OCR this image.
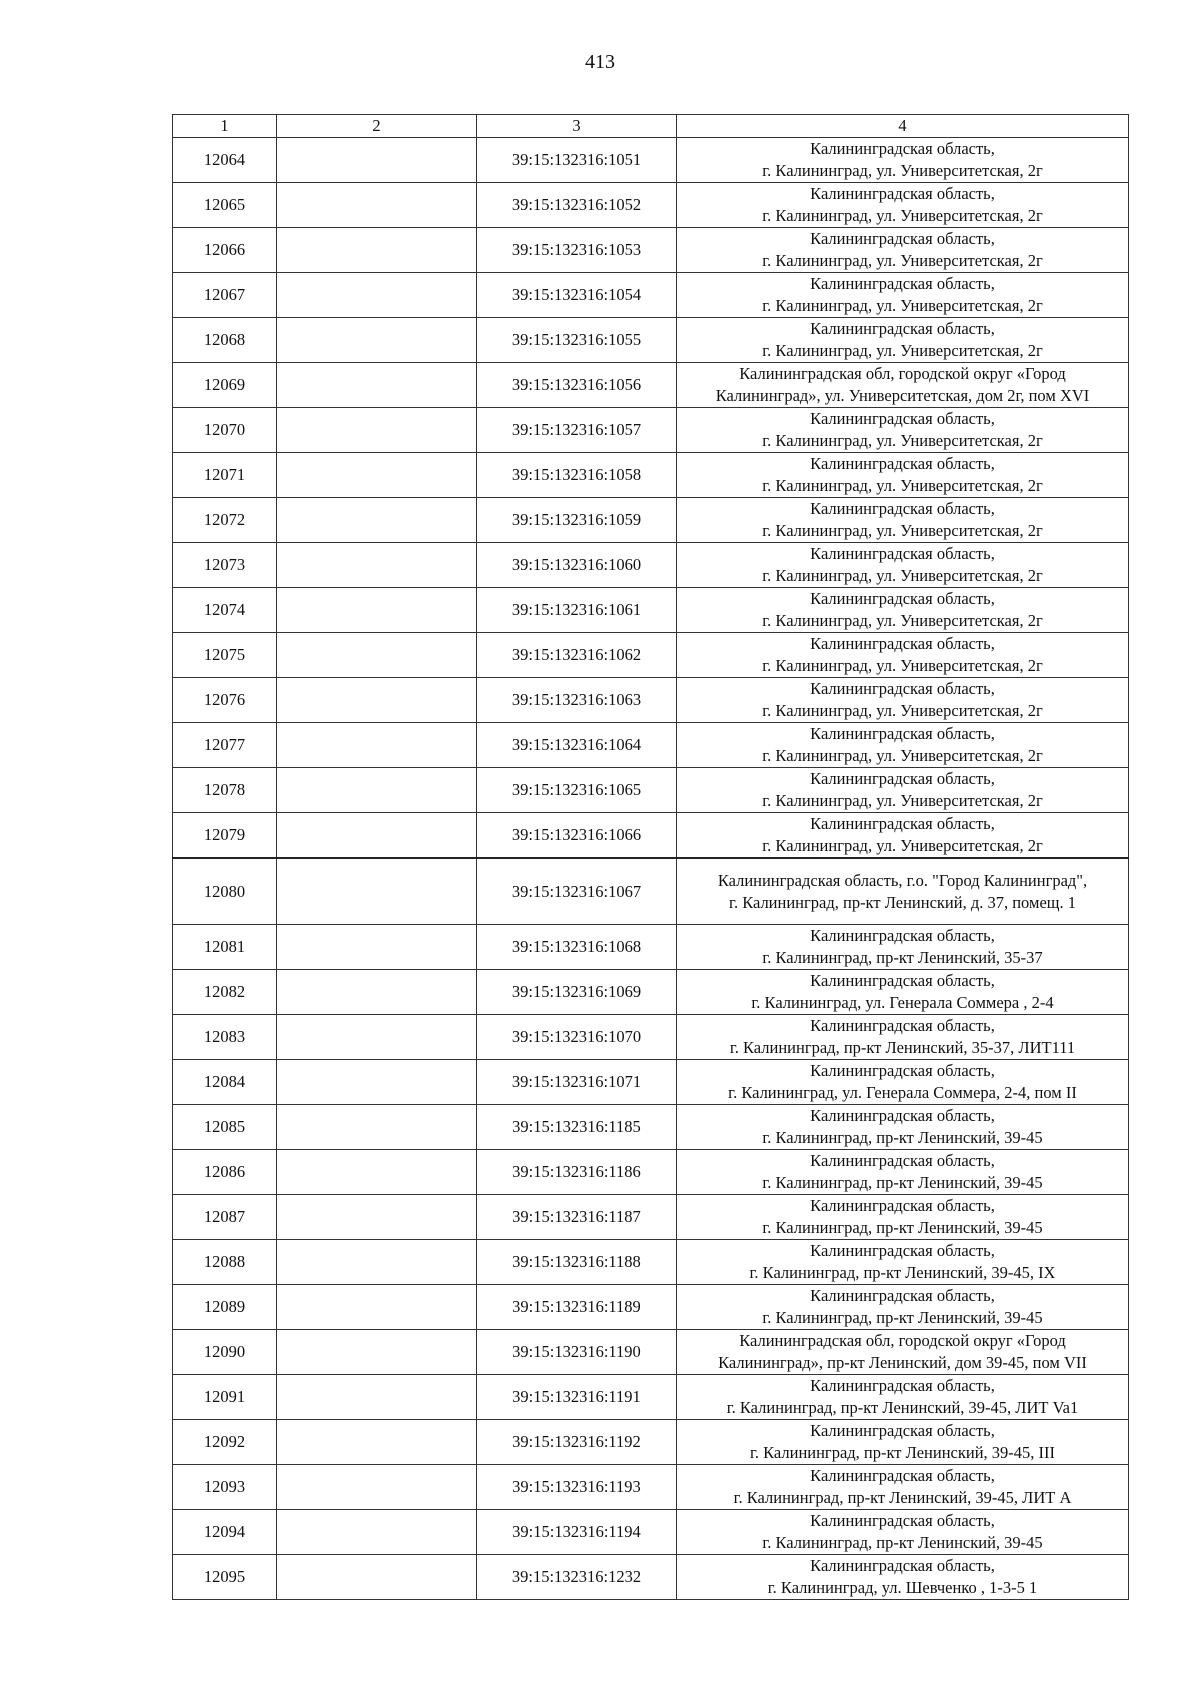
413
1	2	3	4
12064		39:15:132316:1051	Калининградская область,
г. Калининград, ул. Университетская, 2г

12065		39:15:132316:1052	Калининградская область,
г. Калининград, ул. Университетская, 2г

12066		39:15:132316:1053	Калининградская область,
г. Калининград, ул. Университетская, 2г

12067		39:15:132316:1054	Калининградская область,
г. Калининград, ул. Университетская, 2г

12068		39:15:132316:1055	Калининградская область,
г. Калининград, ул. Университетская, 2г

12069		39:15:132316:1056	Калининградская обл, городской округ «Город
Калининград», ул. Университетская, дом 2г, пом XVI

12070		39:15:132316:1057	Калининградская область,
г. Калининград, ул. Университетская, 2г

12071		39:15:132316:1058	Калининградская область,
г. Калининград, ул. Университетская, 2г

12072		39:15:132316:1059	Калининградская область,
г. Калининград, ул. Университетская, 2г

12073		39:15:132316:1060	Калининградская область,
г. Калининград, ул. Университетская, 2г

12074		39:15:132316:1061	Калининградская область,
г. Калининград, ул. Университетская, 2г

12075		39:15:132316:1062	Калининградская область,
г. Калининград, ул. Университетская, 2г

12076		39:15:132316:1063	Калининградская область,
г. Калининград, ул. Университетская, 2г

12077		39:15:132316:1064	Калининградская область,
г. Калининград, ул. Университетская, 2г

12078		39:15:132316:1065	Калининградская область,
г. Калининград, ул. Университетская, 2г

12079		39:15:132316:1066	Калининградская область,
г. Калининград, ул. Университетская, 2г

12080		39:15:132316:1067	Калининградская область, г.о. "Город Калининград",
г. Калининград, пр-кт Ленинский, д. 37, помещ. 1

12081		39:15:132316:1068	Калининградская область,
г. Калининград, пр-кт Ленинский, 35-37

12082		39:15:132316:1069	Калининградская область,
г. Калининград, ул. Генерала Соммера , 2-4

12083		39:15:132316:1070	Калининградская область,
г. Калининград, пр-кт Ленинский, 35-37, ЛИТ111

12084		39:15:132316:1071	Калининградская область,
г. Калининград, ул. Генерала Соммера, 2-4, пом II

12085		39:15:132316:1185	Калининградская область,
г. Калининград, пр-кт Ленинский, 39-45

12086		39:15:132316:1186	Калининградская область,
г. Калининград, пр-кт Ленинский, 39-45

12087		39:15:132316:1187	Калининградская область,
г. Калининград, пр-кт Ленинский, 39-45

12088		39:15:132316:1188	Калининградская область,
г. Калининград, пр-кт Ленинский, 39-45, IX

12089		39:15:132316:1189	Калининградская область,
г. Калининград, пр-кт Ленинский, 39-45

12090		39:15:132316:1190	Калининградская обл, городской округ «Город
Калининград», пр-кт Ленинский, дом 39-45, пом VII

12091		39:15:132316:1191	Калининградская область,
г. Калининград, пр-кт Ленинский, 39-45, ЛИТ Va1

12092		39:15:132316:1192	Калининградская область,
г. Калининград, пр-кт Ленинский, 39-45, III

12093		39:15:132316:1193	Калининградская область,
г. Калининград, пр-кт Ленинский, 39-45, ЛИТ А

12094		39:15:132316:1194	Калининградская область,
г. Калининград, пр-кт Ленинский, 39-45

12095		39:15:132316:1232	Калининградская область,
г. Калининград, ул. Шевченко , 1-3-5 1
